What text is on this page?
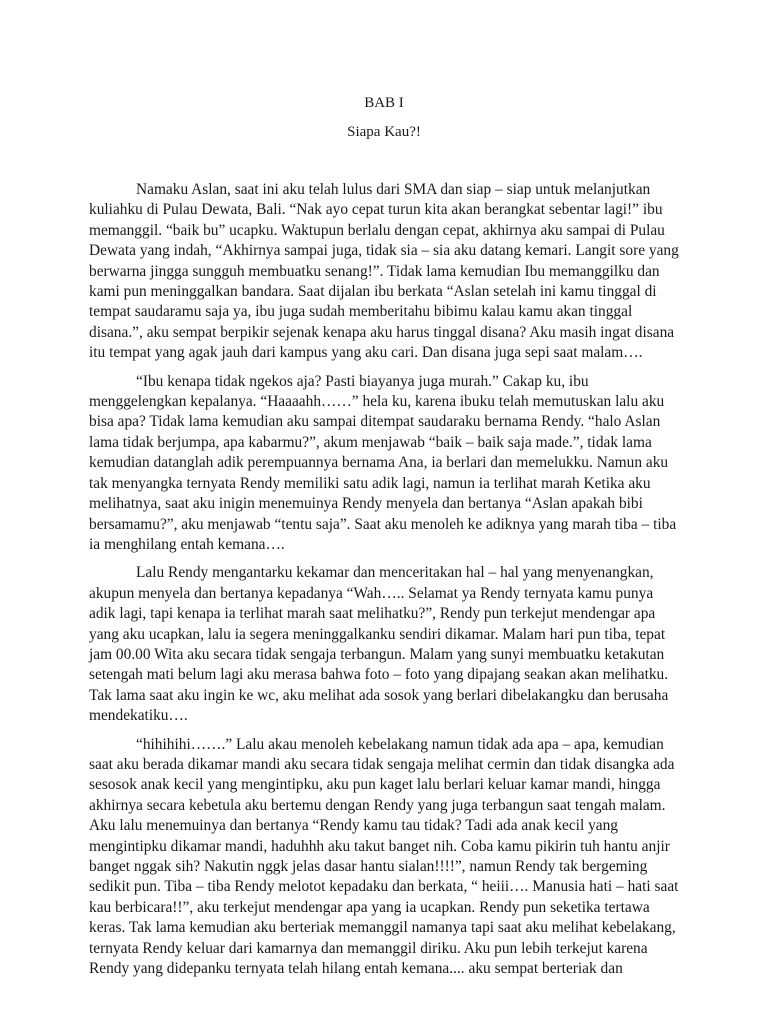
BAB I
Siapa Kau?!

Namaku Aslan, saat ini aku telah lulus dari SMA dan siap – siap untuk melanjutkan kuliahku di Pulau Dewata, Bali. “Nak ayo cepat turun kita akan berangkat sebentar lagi!” ibu memanggil. “baik bu” ucapku. Waktupun berlalu dengan cepat, akhirnya aku sampai di Pulau Dewata yang indah, “Akhirnya sampai juga, tidak sia – sia aku datang kemari. Langit sore yang berwarna jingga sungguh membuatku senang!”. Tidak lama kemudian Ibu memanggilku dan kami pun meninggalkan bandara. Saat dijalan ibu berkata “Aslan setelah ini kamu tinggal di tempat saudaramu saja ya, ibu juga sudah memberitahu bibimu kalau kamu akan tinggal disana.”, aku sempat berpikir sejenak kenapa aku harus tinggal disana? Aku masih ingat disana itu tempat yang agak jauh dari kampus yang aku cari. Dan disana juga sepi saat malam….

“Ibu kenapa tidak ngekos aja? Pasti biayanya juga murah.” Cakap ku, ibu menggelengkan kepalanya. “Haaaahh……” hela ku, karena ibuku telah memutuskan lalu aku bisa apa? Tidak lama kemudian aku sampai ditempat saudaraku bernama Rendy. “halo Aslan lama tidak berjumpa, apa kabarmu?”, akum menjawab “baik – baik saja made.”, tidak lama kemudian datanglah adik perempuannya bernama Ana, ia berlari dan memelukku. Namun aku tak menyangka ternyata Rendy memiliki satu adik lagi, namun ia terlihat marah Ketika aku melihatnya, saat aku inigin menemuinya Rendy menyela dan bertanya “Aslan apakah bibi bersamamu?”, aku menjawab “tentu saja”. Saat aku menoleh ke adiknya yang marah tiba – tiba ia menghilang entah kemana….

Lalu Rendy mengantarku kekamar dan menceritakan hal – hal yang menyenangkan, akupun menyela dan bertanya kepadanya “Wah….. Selamat ya Rendy ternyata kamu punya adik lagi, tapi kenapa ia terlihat marah saat melihatku?”, Rendy pun terkejut mendengar apa yang aku ucapkan, lalu ia segera meninggalkanku sendiri dikamar. Malam hari pun tiba, tepat jam 00.00 Wita aku secara tidak sengaja terbangun. Malam yang sunyi membuatku ketakutan setengah mati belum lagi aku merasa bahwa foto – foto yang dipajang seakan akan melihatku. Tak lama saat aku ingin ke wc, aku melihat ada sosok yang berlari dibelakangku dan berusaha mendekatiku….

“hihihihi…….” Lalu akau menoleh kebelakang namun tidak ada apa – apa, kemudian saat aku berada dikamar mandi aku secara tidak sengaja melihat cermin dan tidak disangka ada sesosok anak kecil yang mengintipku, aku pun kaget lalu berlari keluar kamar mandi, hingga akhirnya secara kebetula aku bertemu dengan Rendy yang juga terbangun saat tengah malam. Aku lalu menemuinya dan bertanya “Rendy kamu tau tidak? Tadi ada anak kecil yang mengintipku dikamar mandi, haduhhh aku takut banget nih. Coba kamu pikirin tuh hantu anjir banget nggak sih? Nakutin nggk jelas dasar hantu sialan!!!!”, namun Rendy tak bergeming sedikit pun. Tiba – tiba Rendy melotot kepadaku dan berkata, “ heiii…. Manusia hati – hati saat kau berbicara!!”, aku terkejut mendengar apa yang ia ucapkan. Rendy pun seketika tertawa keras. Tak lama kemudian aku berteriak memanggil namanya tapi saat aku melihat kebelakang, ternyata Rendy keluar dari kamarnya dan memanggil diriku. Aku pun lebih terkejut karena Rendy yang didepanku ternyata telah hilang entah kemana.... aku sempat berteriak dan
